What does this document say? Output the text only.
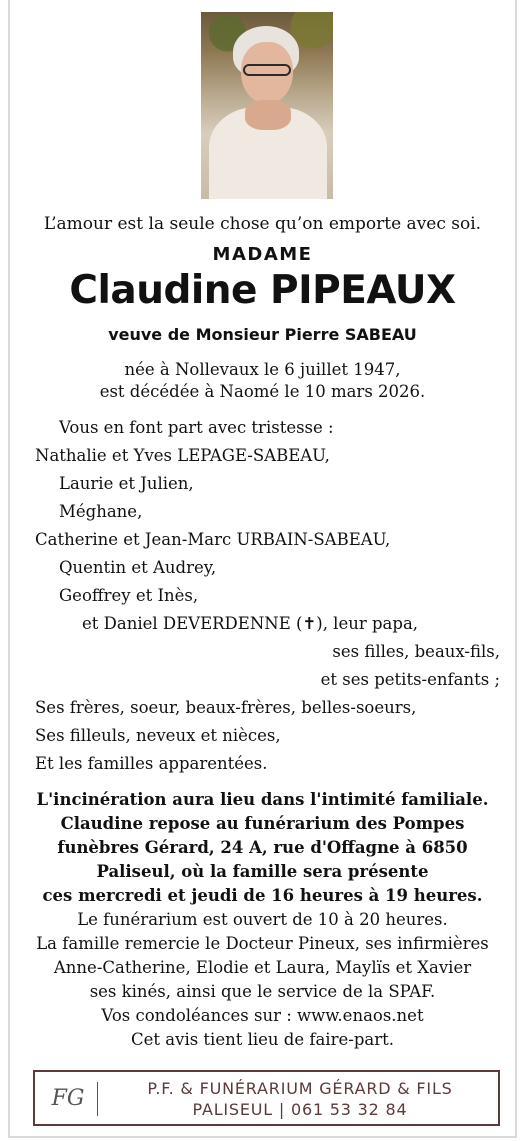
L’amour est la seule chose qu’on emporte avec soi.
MADAME
Claudine PIPEAUX
veuve de Monsieur Pierre SABEAU
née à Nollevaux le 6 juillet 1947,
est décédée à Naomé le 10 mars 2026.
Vous en font part avec tristesse :
Nathalie et Yves LEPAGE-SABEAU,
Laurie et Julien,
Méghane,
Catherine et Jean-Marc URBAIN-SABEAU,
Quentin et Audrey,
Geoffrey et Inès,
et Daniel DEVERDENNE (✝), leur papa,
ses filles, beaux-fils,
et ses petits-enfants ;
Ses frères, soeur, beaux-frères, belles-soeurs,
Ses filleuls, neveux et nièces,
Et les familles apparentées.
L'incinération aura lieu dans l'intimité familiale.
Claudine repose au funérarium des Pompes
funèbres Gérard, 24 A, rue d'Offagne à 6850
Paliseul, où la famille sera présente
ces mercredi et jeudi de 16 heures à 19 heures.
Le funérarium est ouvert de 10 à 20 heures.
La famille remercie le Docteur Pineux, ses infirmières
Anne-Catherine, Elodie et Laura, Maylïs et Xavier
ses kinés, ainsi que le service de la SPAF.
Vos condoléances sur : www.enaos.net
Cet avis tient lieu de faire-part.
FG	P.F. & FUNÉRARIUM GÉRARD & FILS
PALISEUL | 061 53 32 84
